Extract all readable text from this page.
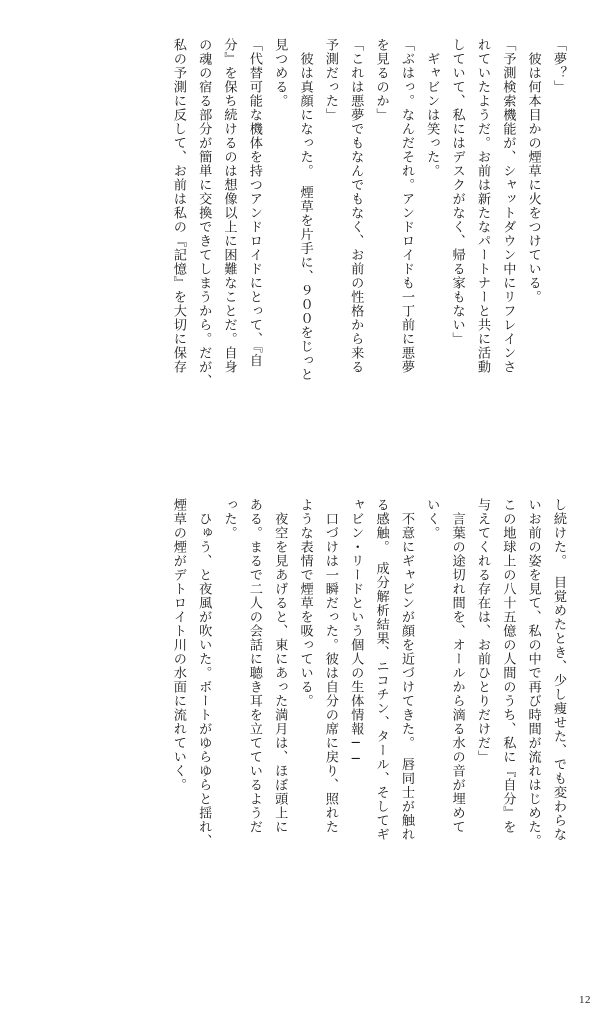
「夢？」

　彼は何本目かの煙草に火をつけている。

「予測検索機能が、シャットダウン中にリフレインさ

れていたようだ。お前は新たなパートナーと共に活動

していて、私にはデスクがなく、帰る家もない」

　ギャビンは笑った。

「ぶはっ。なんだそれ。アンドロイドも一丁前に悪夢

を見るのか」

「これは悪夢でもなんでもなく、お前の性格から来る

予測だった」

　彼は真顔になった。　煙草を片手に、９００をじっと

見つめる。

「代替可能な機体を持つアンドロイドにとって、『自

分』を保ち続けるのは想像以上に困難なことだ。自身

の魂の宿る部分が簡単に交換できてしまうから。だが、

私の予測に反して、お前は私の『記憶』を大切に保存

し続けた。　目覚めたとき、少し痩せた、でも変わらな

いお前の姿を見て、私の中で再び時間が流れはじめた。

この地球上の八十五億の人間のうち、私に『自分』を

与えてくれる存在は、お前ひとりだけだ」

　言葉の途切れ間を、オールから滴る水の音が埋めて

いく。

　不意にギャビンが顔を近づけてきた。　唇同士が触れ

る感触。　成分解析結果、ニコチン、タール、そしてギ

ャビン・リードという個人の生体情報──

　口づけは一瞬だった。彼は自分の席に戻り、照れた

ような表情で煙草を吸っている。

　夜空を見あげると、東にあった満月は、ほぼ頭上に

ある。まるで二人の会話に聴き耳を立てているようだ

った。

　ひゅう、と夜風が吹いた。ボートがゆらゆらと揺れ、

煙草の煙がデトロイト川の水面に流れていく。

12
